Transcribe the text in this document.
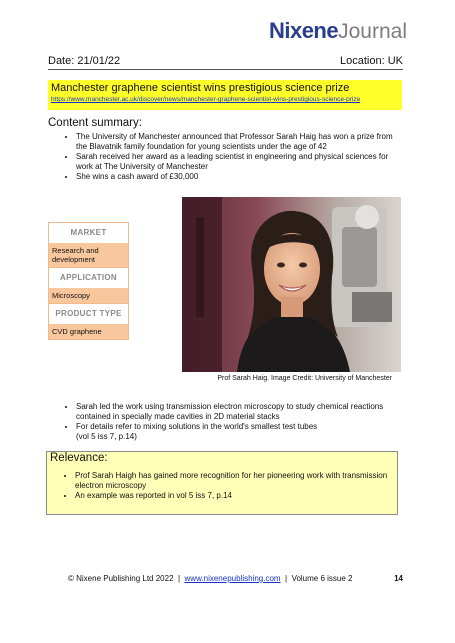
NixeneJournal
Date: 21/01/22	Location: UK
Manchester graphene scientist wins prestigious science prize
https://www.manchester.ac.uk/discover/news/manchester-graphene-scientist-wins-prestigious-science-prize
Content summary:
• The University of Manchester announced that Professor Sarah Haig has won a prize from the Blavatnik family foundation for young scientists under the age of 42
• Sarah received her award as a leading scientist in engineering and physical sciences for work at The University of Manchester
• She wins a cash award of £30,000
MARKET
Research and development
APPLICATION
Microscopy
PRODUCT TYPE
CVD graphene
Prof Sarah Haig. Image Credit: University of Manchester
• Sarah led the work using transmission electron microscopy to study chemical reactions contained in specially made cavities in 2D material stacks
• For details refer to mixing solutions in the world's smallest test tubes
(vol 5 iss 7, p.14)
Relevance:
• Prof Sarah Haigh has gained more recognition for her pioneering work with transmission electron microscopy
• An example was reported in vol 5 iss 7, p.14
© Nixene Publishing Ltd 2022 | www.nixenepublishing.com | Volume 6 issue 2	14
